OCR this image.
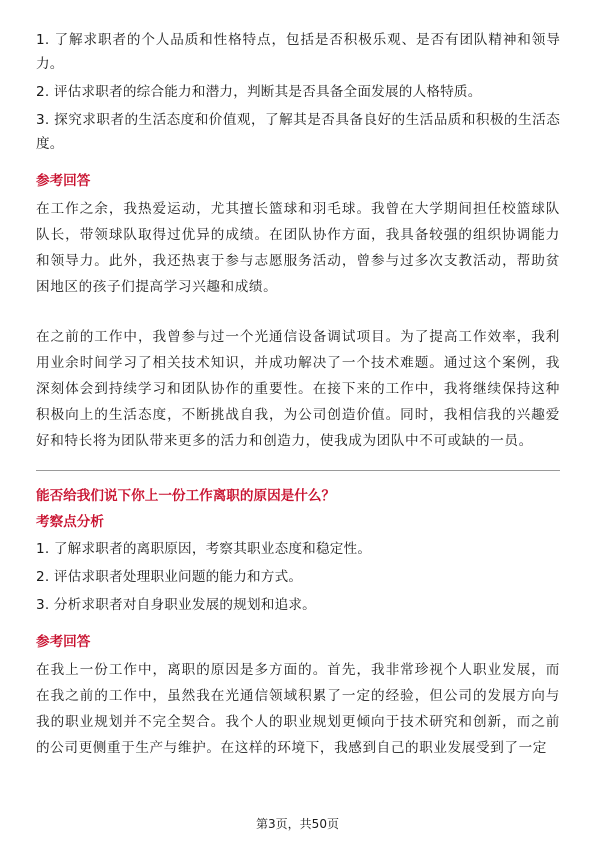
1. 了解求职者的个人品质和性格特点，包括是否积极乐观、是否有团队精神和领导力。

2. 评估求职者的综合能力和潜力，判断其是否具备全面发展的人格特质。

3. 探究求职者的生活态度和价值观，了解其是否具备良好的生活品质和积极的生活态度。

参考回答

在工作之余，我热爱运动，尤其擅长篮球和羽毛球。我曾在大学期间担任校篮球队队长，带领球队取得过优异的成绩。在团队协作方面，我具备较强的组织协调能力和领导力。此外，我还热衷于参与志愿服务活动，曾参与过多次支教活动，帮助贫困地区的孩子们提高学习兴趣和成绩。

在之前的工作中，我曾参与过一个光通信设备调试项目。为了提高工作效率，我利用业余时间学习了相关技术知识，并成功解决了一个技术难题。通过这个案例，我深刻体会到持续学习和团队协作的重要性。在接下来的工作中，我将继续保持这种积极向上的生活态度，不断挑战自我，为公司创造价值。同时，我相信我的兴趣爱好和特长将为团队带来更多的活力和创造力，使我成为团队中不可或缺的一员。

能否给我们说下你上一份工作离职的原因是什么？
考察点分析

1. 了解求职者的离职原因，考察其职业态度和稳定性。

2. 评估求职者处理职业问题的能力和方式。

3. 分析求职者对自身职业发展的规划和追求。

参考回答

在我上一份工作中，离职的原因是多方面的。首先，我非常珍视个人职业发展，而在我之前的工作中，虽然我在光通信领域积累了一定的经验，但公司的发展方向与我的职业规划并不完全契合。我个人的职业规划更倾向于技术研究和创新，而之前的公司更侧重于生产与维护。在这样的环境下，我感到自己的职业发展受到了一定

第3页，共50页
